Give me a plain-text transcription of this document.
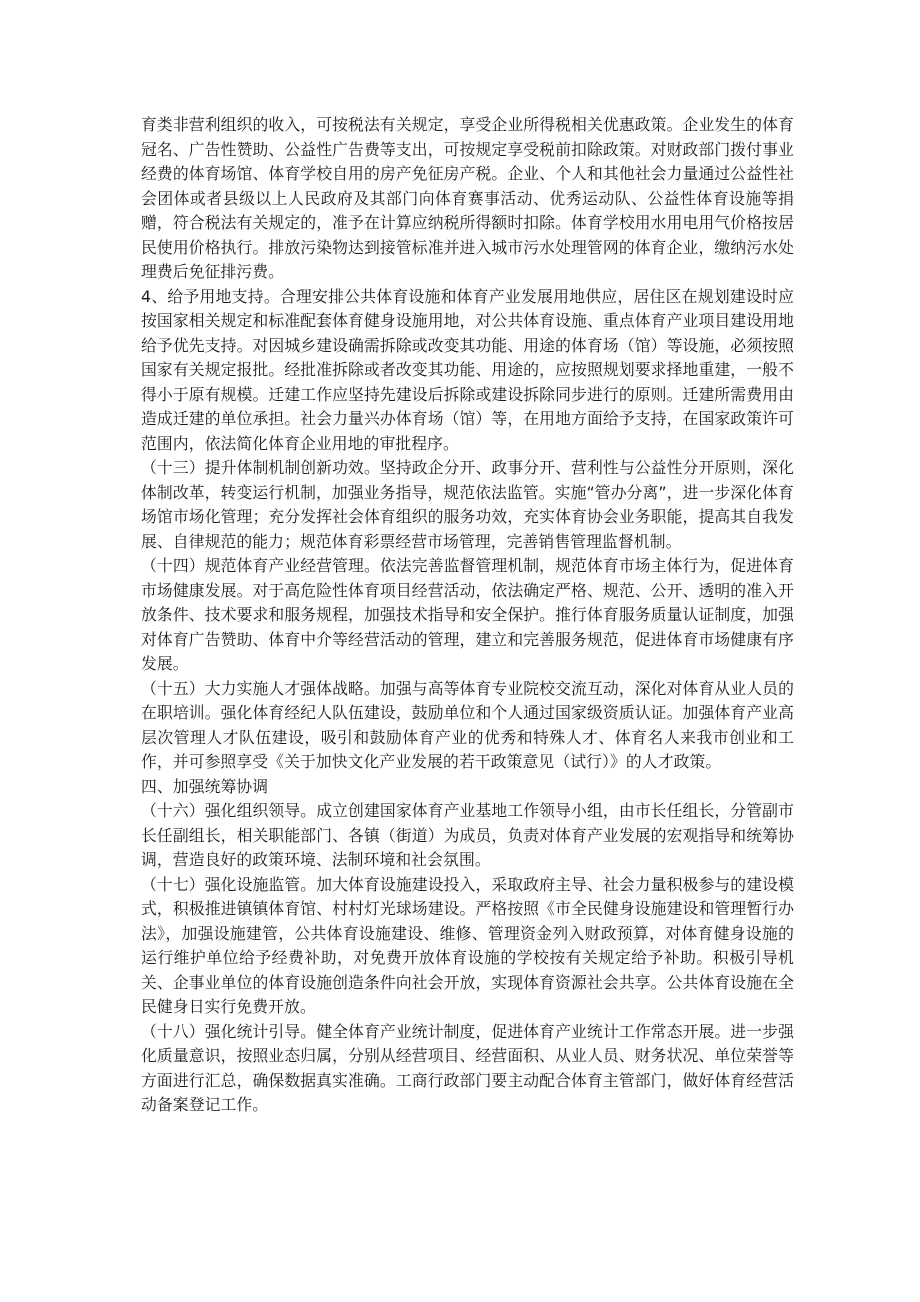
育类非营利组织的收入，可按税法有关规定，享受企业所得税相关优惠政策。企业发生的体育冠名、广告性赞助、公益性广告费等支出，可按规定享受税前扣除政策。对财政部门拨付事业经费的体育场馆、体育学校自用的房产免征房产税。企业、个人和其他社会力量通过公益性社会团体或者县级以上人民政府及其部门向体育赛事活动、优秀运动队、公益性体育设施等捐赠，符合税法有关规定的，准予在计算应纳税所得额时扣除。体育学校用水用电用气价格按居民使用价格执行。排放污染物达到接管标准并进入城市污水处理管网的体育企业，缴纳污水处理费后免征排污费。

4、给予用地支持。合理安排公共体育设施和体育产业发展用地供应，居住区在规划建设时应按国家相关规定和标准配套体育健身设施用地，对公共体育设施、重点体育产业项目建设用地给予优先支持。对因城乡建设确需拆除或改变其功能、用途的体育场（馆）等设施，必须按照国家有关规定报批。经批准拆除或者改变其功能、用途的，应按照规划要求择地重建，一般不得小于原有规模。迁建工作应坚持先建设后拆除或建设拆除同步进行的原则。迁建所需费用由造成迁建的单位承担。社会力量兴办体育场（馆）等，在用地方面给予支持，在国家政策许可范围内，依法简化体育企业用地的审批程序。

（十三）提升体制机制创新功效。坚持政企分开、政事分开、营利性与公益性分开原则，深化体制改革，转变运行机制，加强业务指导，规范依法监管。实施“管办分离”，进一步深化体育场馆市场化管理；充分发挥社会体育组织的服务功效，充实体育协会业务职能，提高其自我发展、自律规范的能力；规范体育彩票经营市场管理，完善销售管理监督机制。

（十四）规范体育产业经营管理。依法完善监督管理机制，规范体育市场主体行为，促进体育市场健康发展。对于高危险性体育项目经营活动，依法确定严格、规范、公开、透明的准入开放条件、技术要求和服务规程，加强技术指导和安全保护。推行体育服务质量认证制度，加强对体育广告赞助、体育中介等经营活动的管理，建立和完善服务规范，促进体育市场健康有序发展。

（十五）大力实施人才强体战略。加强与高等体育专业院校交流互动，深化对体育从业人员的在职培训。强化体育经纪人队伍建设，鼓励单位和个人通过国家级资质认证。加强体育产业高层次管理人才队伍建设，吸引和鼓励体育产业的优秀和特殊人才、体育名人来我市创业和工作，并可参照享受《关于加快文化产业发展的若干政策意见（试行）》的人才政策。

四、加强统筹协调

（十六）强化组织领导。成立创建国家体育产业基地工作领导小组，由市长任组长，分管副市长任副组长，相关职能部门、各镇（街道）为成员，负责对体育产业发展的宏观指导和统筹协调，营造良好的政策环境、法制环境和社会氛围。

（十七）强化设施监管。加大体育设施建设投入，采取政府主导、社会力量积极参与的建设模式，积极推进镇镇体育馆、村村灯光球场建设。严格按照《市全民健身设施建设和管理暂行办法》，加强设施建管，公共体育设施建设、维修、管理资金列入财政预算，对体育健身设施的运行维护单位给予经费补助，对免费开放体育设施的学校按有关规定给予补助。积极引导机关、企事业单位的体育设施创造条件向社会开放，实现体育资源社会共享。公共体育设施在全民健身日实行免费开放。

（十八）强化统计引导。健全体育产业统计制度，促进体育产业统计工作常态开展。进一步强化质量意识，按照业态归属，分别从经营项目、经营面积、从业人员、财务状况、单位荣誉等方面进行汇总，确保数据真实准确。工商行政部门要主动配合体育主管部门，做好体育经营活动备案登记工作。
